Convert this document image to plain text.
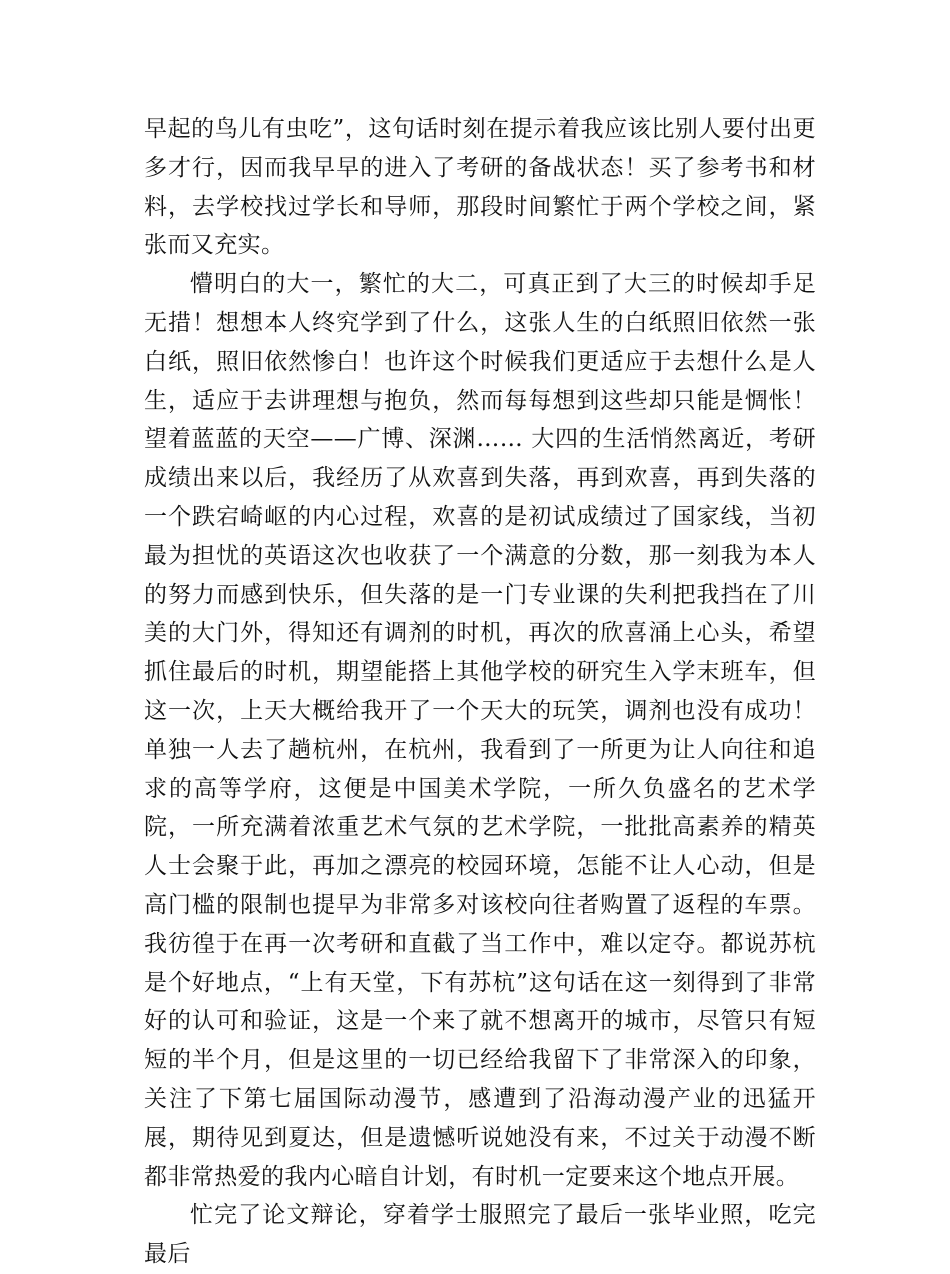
早起的鸟儿有虫吃”，这句话时刻在提示着我应该比别人要付出更多才行，因而我早早的进入了考研的备战状态！买了参考书和材料，去学校找过学长和导师，那段时间繁忙于两个学校之间，紧张而又充实。

懵明白的大一，繁忙的大二，可真正到了大三的时候却手足无措！想想本人终究学到了什么，这张人生的白纸照旧依然一张白纸，照旧依然惨白！也许这个时候我们更适应于去想什么是人生，适应于去讲理想与抱负，然而每每想到这些却只能是惆怅！望着蓝蓝的天空——广博、深渊…… 大四的生活悄然离近，考研成绩出来以后，我经历了从欢喜到失落，再到欢喜，再到失落的一个跌宕崎岖的内心过程，欢喜的是初试成绩过了国家线，当初最为担忧的英语这次也收获了一个满意的分数，那一刻我为本人的努力而感到快乐，但失落的是一门专业课的失利把我挡在了川美的大门外，得知还有调剂的时机，再次的欣喜涌上心头，希望抓住最后的时机，期望能搭上其他学校的研究生入学末班车，但这一次，上天大概给我开了一个天大的玩笑，调剂也没有成功！单独一人去了趟杭州，在杭州，我看到了一所更为让人向往和追求的高等学府，这便是中国美术学院，一所久负盛名的艺术学院，一所充满着浓重艺术气氛的艺术学院，一批批高素养的精英人士会聚于此，再加之漂亮的校园环境，怎能不让人心动，但是高门槛的限制也提早为非常多对该校向往者购置了返程的车票。我彷徨于在再一次考研和直截了当工作中，难以定夺。都说苏杭是个好地点，“上有天堂，下有苏杭”这句话在这一刻得到了非常好的认可和验证，这是一个来了就不想离开的城市，尽管只有短短的半个月，但是这里的一切已经给我留下了非常深入的印象，关注了下第七届国际动漫节，感遭到了沿海动漫产业的迅猛开展，期待见到夏达，但是遗憾听说她没有来，不过关于动漫不断都非常热爱的我内心暗自计划，有时机一定要来这个地点开展。

忙完了论文辩论，穿着学士服照完了最后一张毕业照，吃完最后
